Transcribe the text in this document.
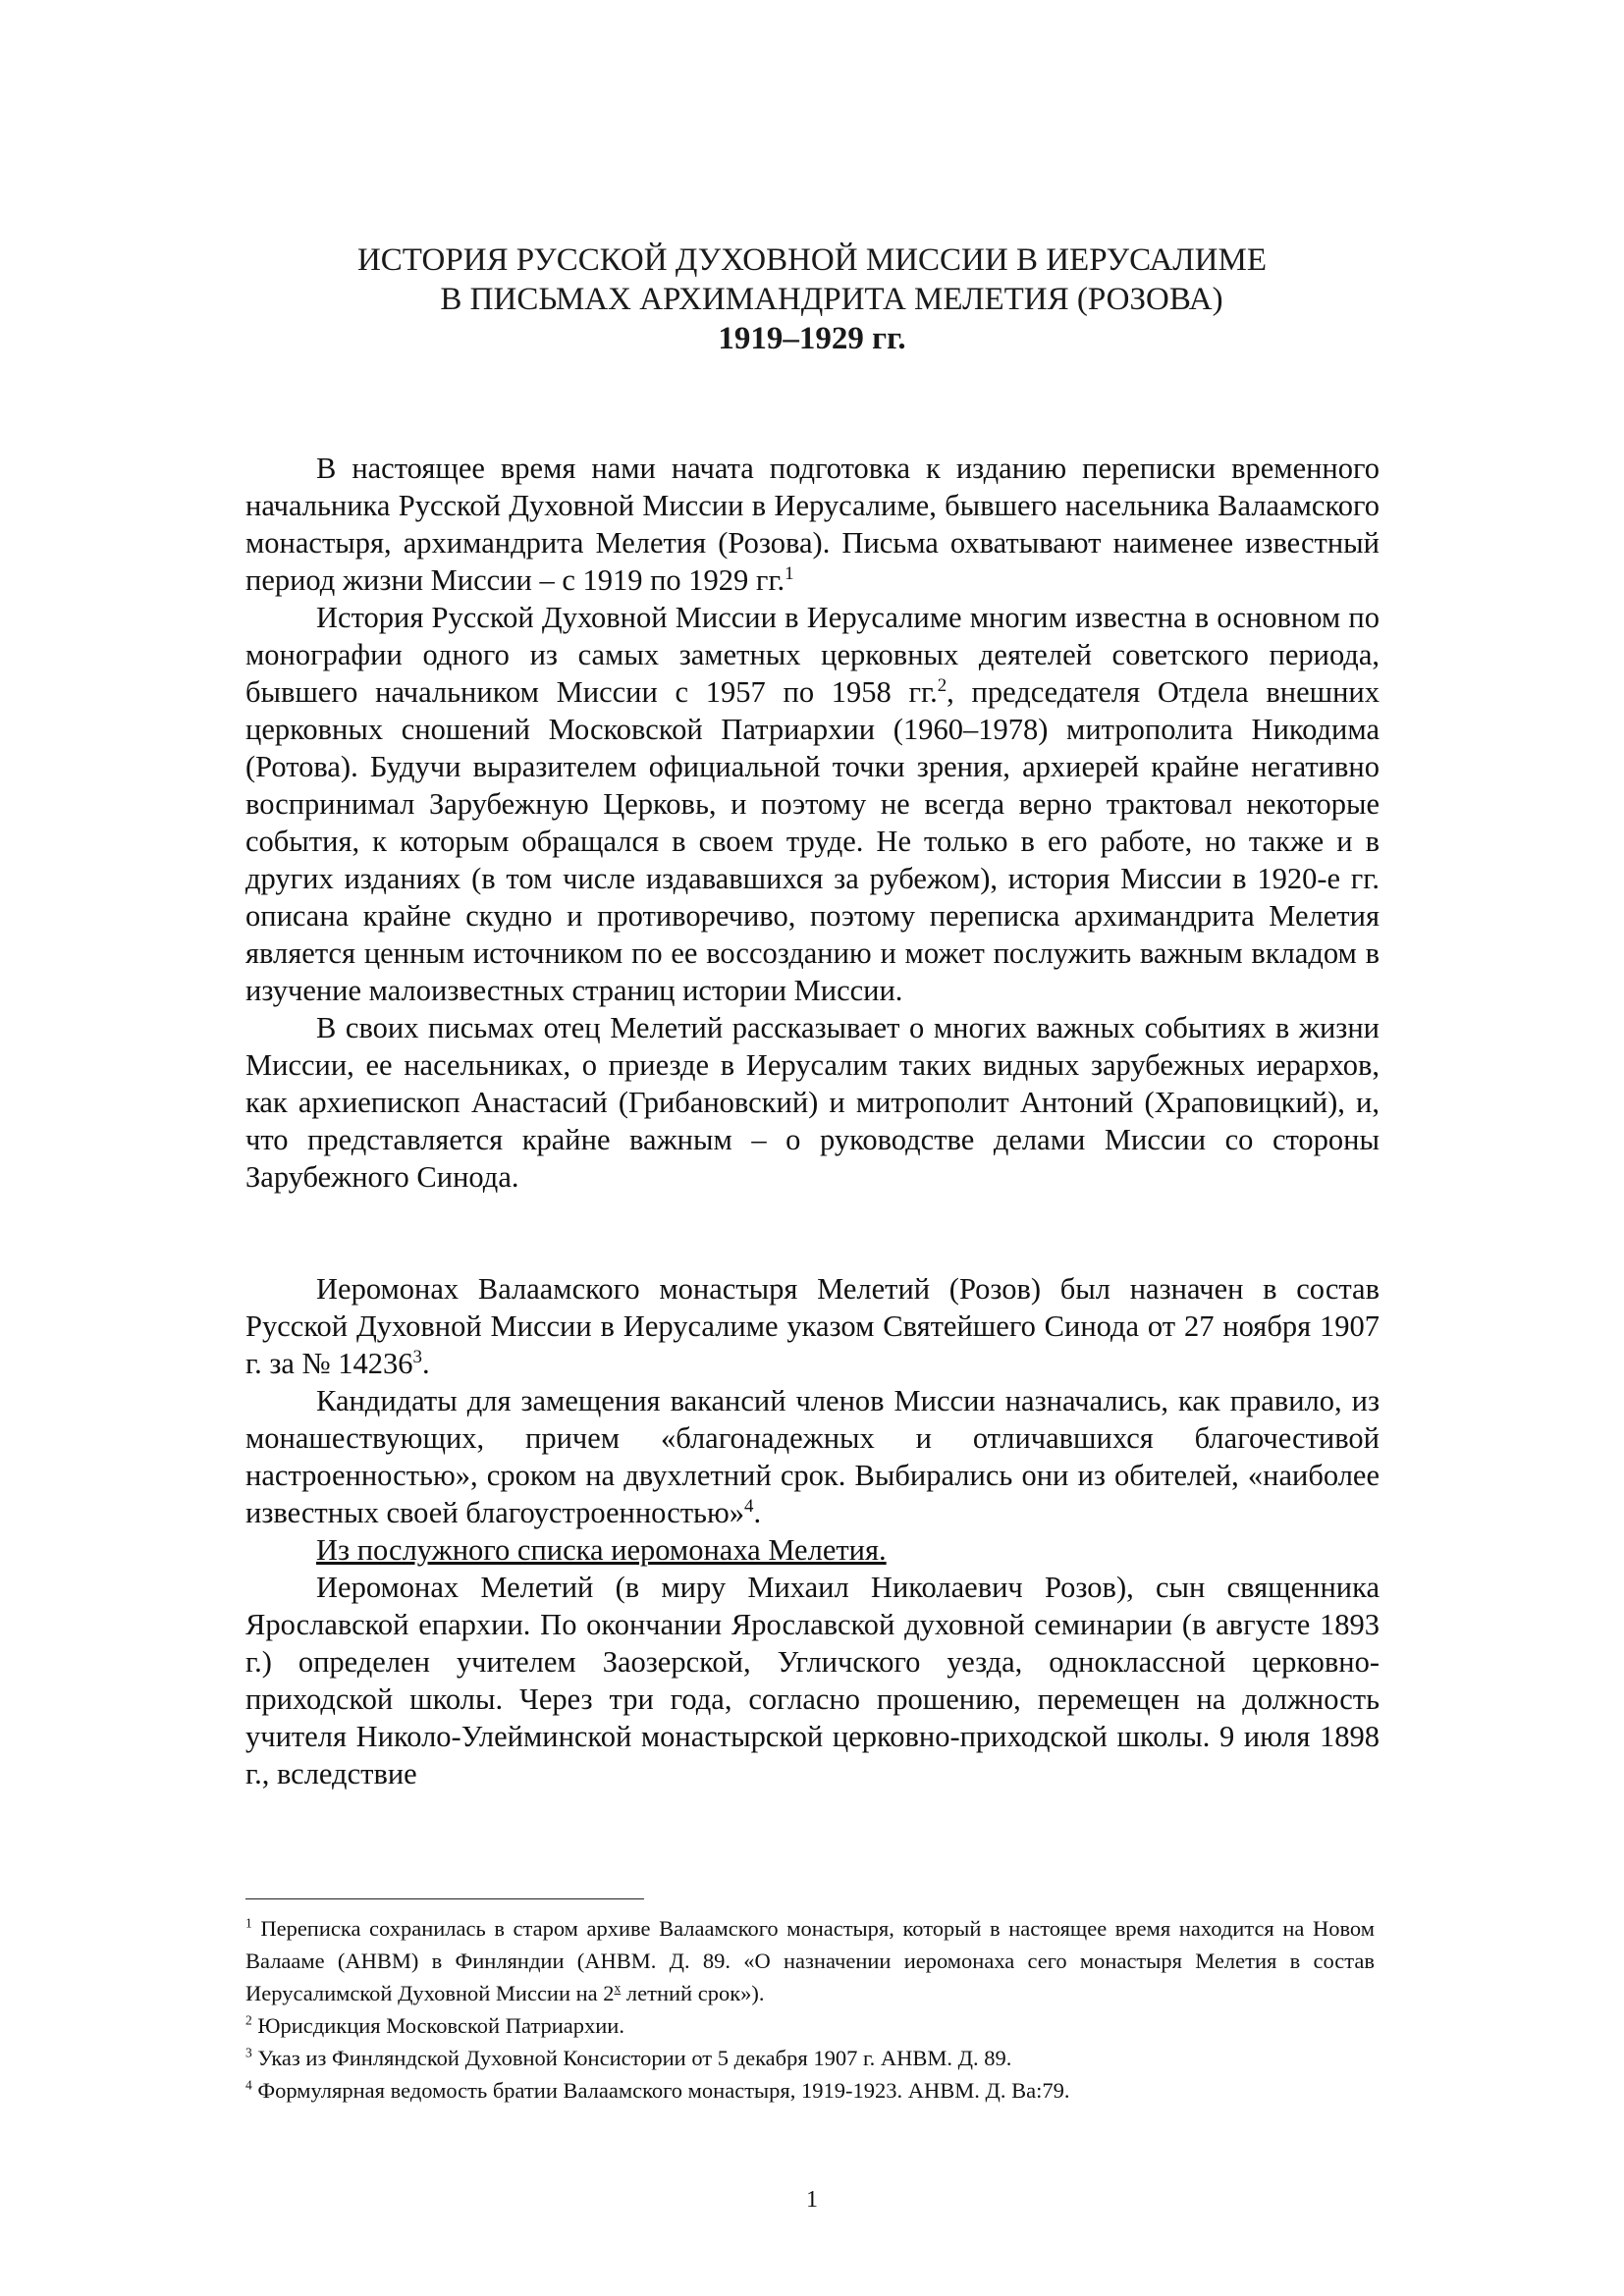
ИСТОРИЯ РУССКОЙ ДУХОВНОЙ МИССИИ В ИЕРУСАЛИМЕ
В ПИСЬМАХ АРХИМАНДРИТА МЕЛЕТИЯ (РОЗОВА)
1919–1929 гг.

В настоящее время нами начата подготовка к изданию переписки временного начальника Русской Духовной Миссии в Иерусалиме, бывшего насельника Валаамского монастыря, архимандрита Мелетия (Розова). Письма охватывают наименее известный период жизни Миссии – с 1919 по 1929 гг.$^1$

История Русской Духовной Миссии в Иерусалиме многим известна в основном по монографии одного из самых заметных церковных деятелей советского периода, бывшего начальником Миссии с 1957 по 1958 гг.$^2$, председателя Отдела внешних церковных сношений Московской Патриархии (1960–1978) митрополита Никодима (Ротова). Будучи выразителем официальной точки зрения, архиерей крайне негативно воспринимал Зарубежную Церковь, и поэтому не всегда верно трактовал некоторые события, к которым обращался в своем труде. Не только в его работе, но также и в других изданиях (в том числе издававшихся за рубежом), история Миссии в 1920-е гг. описана крайне скудно и противоречиво, поэтому переписка архимандрита Мелетия является ценным источником по ее воссозданию и может послужить важным вкладом в изучение малоизвестных страниц истории Миссии.

В своих письмах отец Мелетий рассказывает о многих важных событиях в жизни Миссии, ее насельниках, о приезде в Иерусалим таких видных зарубежных иерархов, как архиепископ Анастасий (Грибановский) и митрополит Антоний (Храповицкий), и, что представляется крайне важным – о руководстве делами Миссии со стороны Зарубежного Синода.

Иеромонах Валаамского монастыря Мелетий (Розов) был назначен в состав Русской Духовной Миссии в Иерусалиме указом Святейшего Синода от 27 ноября 1907 г. за № 14236$^3$.

Кандидаты для замещения вакансий членов Миссии назначались, как правило, из монашествующих, причем «благонадежных и отличавшихся благочестивой настроенностью», сроком на двухлетний срок. Выбирались они из обителей, «наиболее известных своей благоустроенностью»$^4$.

Из послужного списка иеромонаха Мелетия.

Иеромонах Мелетий (в миру Михаил Николаевич Розов), сын священника Ярославской епархии. По окончании Ярославской духовной семинарии (в августе 1893 г.) определен учителем Заозерской, Угличского уезда, одноклассной церковно-приходской школы. Через три года, согласно прошению, перемещен на должность учителя Николо-Улейминской монастырской церковно-приходской школы. 9 июля 1898 г., вследствие

$^1$ Переписка сохранилась в старом архиве Валаамского монастыря, который в настоящее время находится на Новом Валааме (АНВМ) в Финляндии (АНВМ. Д. 89. «О назначении иеромонаха сего монастыря Мелетия в состав Иерусалимской Духовной Миссии на $2^х$ летний срок»).

$^2$ Юрисдикция Московской Патриархии.

$^3$ Указ из Финляндской Духовной Консистории от 5 декабря 1907 г. АНВМ. Д. 89.

$^4$ Формулярная ведомость братии Валаамского монастыря, 1919-1923. АНВМ. Д. Ва:79.

1
